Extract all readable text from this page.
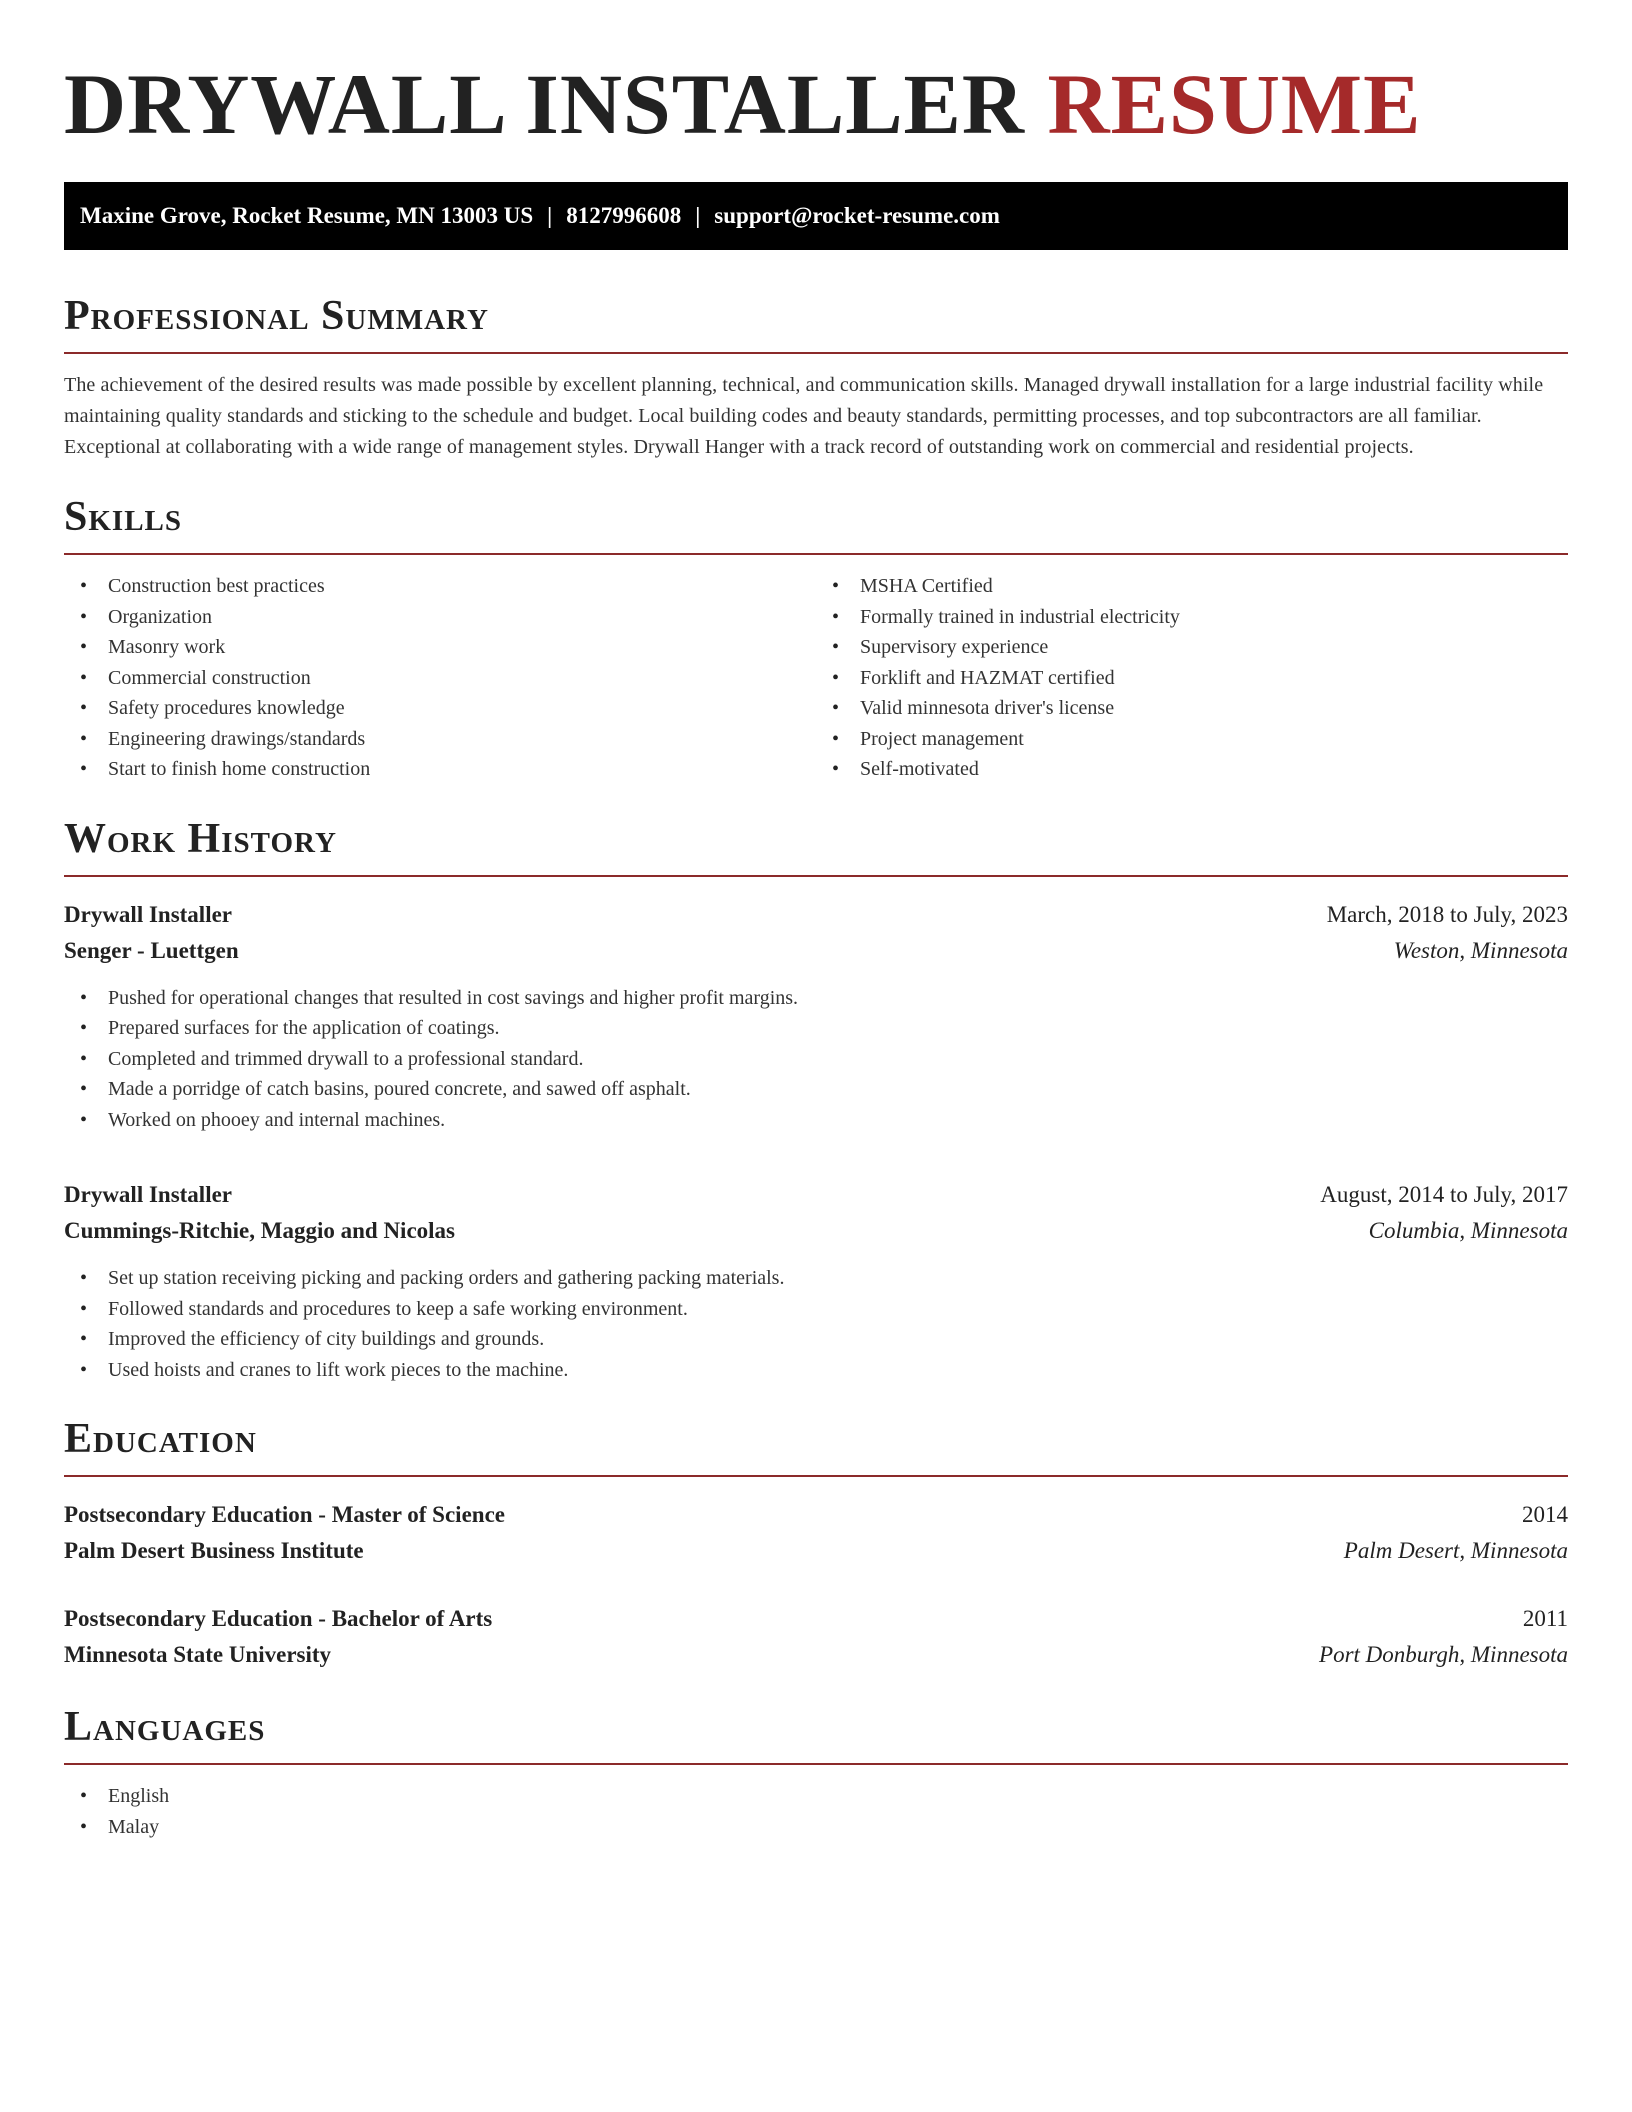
DRYWALL INSTALLER RESUME
Maxine Grove, Rocket Resume, MN 13003 US | 8127996608 | support@rocket-resume.com
Professional Summary

The achievement of the desired results was made possible by excellent planning, technical, and communication skills. Managed drywall installation for a large industrial facility while maintaining quality standards and sticking to the schedule and budget. Local building codes and beauty standards, permitting processes, and top subcontractors are all familiar. Exceptional at collaborating with a wide range of management styles. Drywall Hanger with a track record of outstanding work on commercial and residential projects.

Skills
• Construction best practices
• Organization
• Masonry work
• Commercial construction
• Safety procedures knowledge
• Engineering drawings/standards
• Start to finish home construction
• MSHA Certified
• Formally trained in industrial electricity
• Supervisory experience
• Forklift and HAZMAT certified
• Valid minnesota driver's license
• Project management
• Self-motivated
Work History
Drywall Installer	March, 2018 to July, 2023
Senger - Luettgen	Weston, Minnesota
• Pushed for operational changes that resulted in cost savings and higher profit margins.
• Prepared surfaces for the application of coatings.
• Completed and trimmed drywall to a professional standard.
• Made a porridge of catch basins, poured concrete, and sawed off asphalt.
• Worked on phooey and internal machines.
Drywall Installer	August, 2014 to July, 2017
Cummings-Ritchie, Maggio and Nicolas	Columbia, Minnesota
• Set up station receiving picking and packing orders and gathering packing materials.
• Followed standards and procedures to keep a safe working environment.
• Improved the efficiency of city buildings and grounds.
• Used hoists and cranes to lift work pieces to the machine.
Education
Postsecondary Education - Master of Science	2014
Palm Desert Business Institute	Palm Desert, Minnesota
Postsecondary Education - Bachelor of Arts	2011
Minnesota State University	Port Donburgh, Minnesota
Languages
• English
• Malay
